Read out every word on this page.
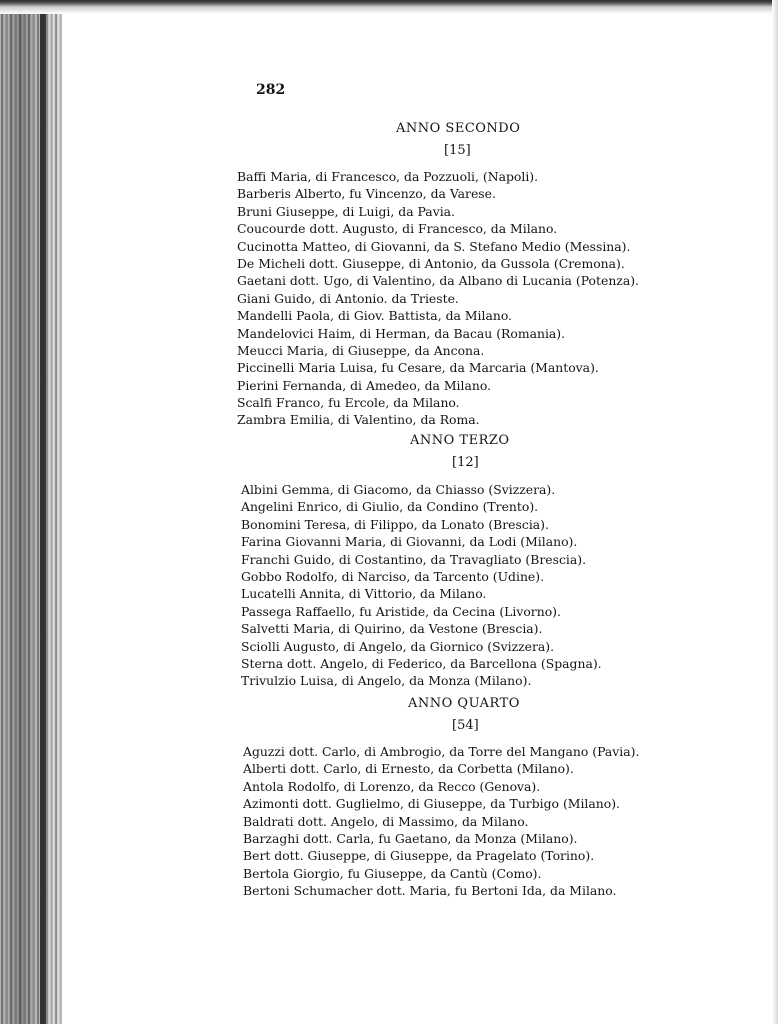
282
ANNO SECONDO
[15]
Baffi Maria, di Francesco, da Pozzuoli, (Napoli).
Barberis Alberto, fu Vincenzo, da Varese.
Bruni Giuseppe, di Luigi, da Pavia.
Coucourde dott. Augusto, di Francesco, da Milano.
Cucinotta Matteo, di Giovanni, da S. Stefano Medio (Messina).
De Micheli dott. Giuseppe, di Antonio, da Gussola (Cremona).
Gaetani dott. Ugo, di Valentino, da Albano di Lucania (Potenza).
Giani Guido, di Antonio. da Trieste.
Mandelli Paola, di Giov. Battista, da Milano.
Mandelovici Haim, di Herman, da Bacau (Romania).
Meucci Maria, di Giuseppe, da Ancona.
Piccinelli Maria Luisa, fu Cesare, da Marcaria (Mantova).
Pierini Fernanda, di Amedeo, da Milano.
Scalfi Franco, fu Ercole, da Milano.
Zambra Emilia, di Valentino, da Roma.
ANNO TERZO
[12]
Albini Gemma, di Giacomo, da Chiasso (Svizzera).
Angelini Enrico, di Giulio, da Condino (Trento).
Bonomini Teresa, di Filippo, da Lonato (Brescia).
Farina Giovanni Maria, di Giovanni, da Lodi (Milano).
Franchi Guido, di Costantino, da Travagliato (Brescia).
Gobbo Rodolfo, di Narciso, da Tarcento (Udine).
Lucatelli Annita, di Vittorio, da Milano.
Passega Raffaello, fu Aristide, da Cecina (Livorno).
Salvetti Maria, di Quirino, da Vestone (Brescia).
Sciolli Augusto, di Angelo, da Giornico (Svizzera).
Sterna dott. Angelo, di Federico, da Barcellona (Spagna).
Trivulzio Luisa, di Angelo, da Monza (Milano).
ANNO QUARTO
[54]
Aguzzi dott. Carlo, di Ambrogio, da Torre del Mangano (Pavia).
Alberti dott. Carlo, di Ernesto, da Corbetta (Milano).
Antola Rodolfo, di Lorenzo, da Recco (Genova).
Azimonti dott. Guglielmo, di Giuseppe, da Turbigo (Milano).
Baldrati dott. Angelo, di Massimo, da Milano.
Barzaghi dott. Carla, fu Gaetano, da Monza (Milano).
Bert dott. Giuseppe, di Giuseppe, da Pragelato (Torino).
Bertola Giorgio, fu Giuseppe, da Cantù (Como).
Bertoni Schumacher dott. Maria, fu Bertoni Ida, da Milano.
